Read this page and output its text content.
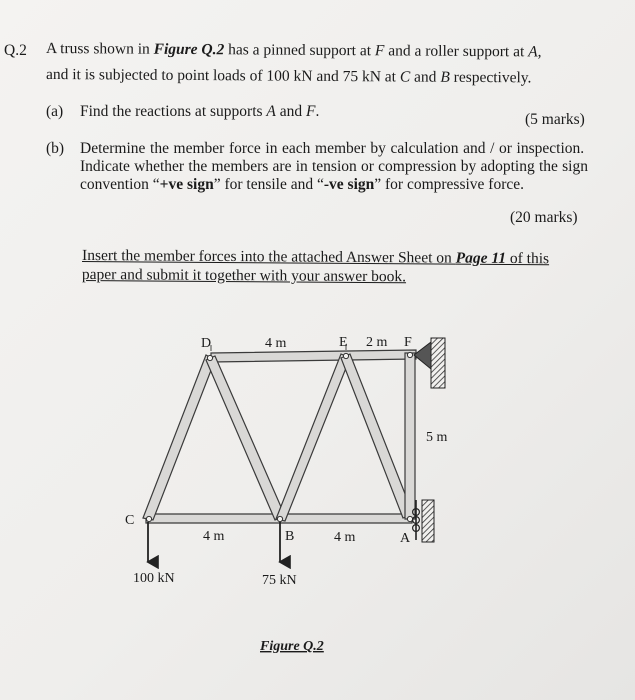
Q.2 A truss shown in Figure Q.2 has a pinned support at F and a roller support at A,
and it is subjected to point loads of 100 kN and 75 kN at C and B respectively.
(a) Find the reactions at supports A and F.	(5 marks)
(b) Determine the member force in each member by calculation and / or inspection.  Indicate whether the members are in tension or compression by adopting the sign convention “+ve sign” for tensile and “-ve sign” for compressive force.
(20 marks)
Insert the member forces into the attached Answer Sheet on Page 11 of this paper and submit it together with your answer book.
D	4 m	E 2 m F
5 m
C
4 m	B	4 m	A
100 kN	75 kN
Figure Q.2
